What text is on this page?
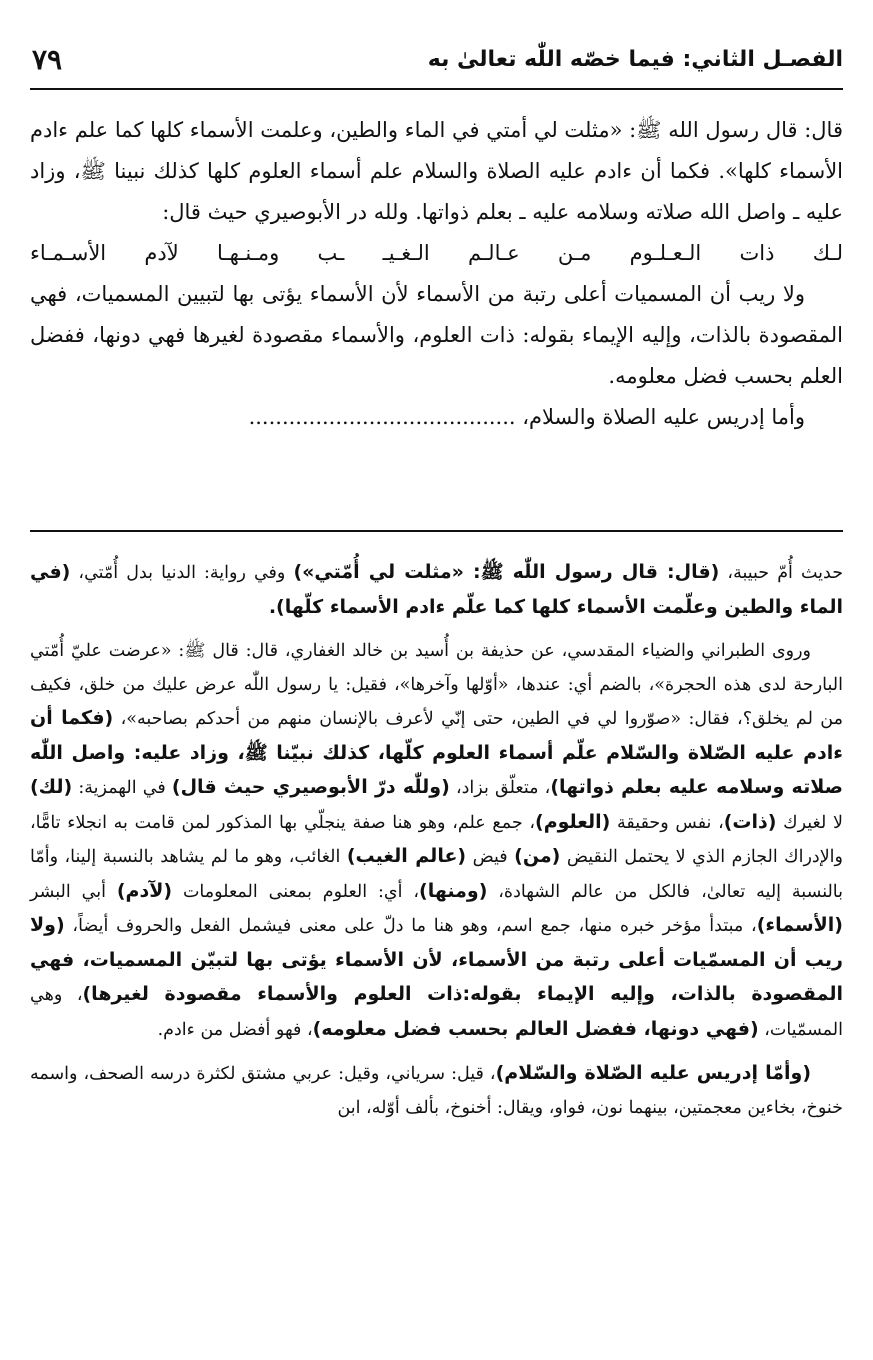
٧٩	الفصـل الثاني: فيما خصّه اللّٰه تعالىٰ به

قال: قال رسول الله ﷺ: «مثلت لي أمتي في الماء والطين، وعلمت الأسماء كلها كما علم ءادم الأسماء كلها». فكما أن ءادم عليه الصلاة والسلام علم أسماء العلوم كلها كذلك نبينا ﷺ، وزاد عليه ـ واصل الله صلاته وسلامه عليه ـ بعلم ذواتها. ولله در الأبوصيري حيث قال:

لـك ذات الـعـلـوم مـن عـالـم الـغـيـ ـب ومـنـهـا لآدم الأسـمـاء

ولا ريب أن المسميات أعلى رتبة من الأسماء لأن الأسماء يؤتى بها لتبيين المسميات، فهي المقصودة بالذات، وإليه الإيماء بقوله: ذات العلوم، والأسماء مقصودة لغيرها فهي دونها، ففضل العلم بحسب فضل معلومه.

وأما إدريس عليه الصلاة والسلام، ........................................

حديث أُمّ حبيبة، (قال: قال رسول اللّٰه ﷺ: «مثلت لي أُمّتي») وفي رواية: الدنيا بدل أُمّتي، (في الماء والطين وعلّمت الأسماء كلها كما علّم ءادم الأسماء كلّها).

وروى الطبراني والضياء المقدسي، عن حذيفة بن أُسيد بن خالد الغفاري، قال: قال ﷺ: «عرضت عليّ أُمّتي البارحة لدى هذه الحجرة»، بالضم أي: عندها، «أوّلها وآخرها»، فقيل: يا رسول اللّٰه عرض عليك من خلق، فكيف من لم يخلق؟، فقال: «صوّروا لي في الطين، حتى إنّي لأعرف بالإنسان منهم من أحدكم بصاحبه»، (فكما أن ءادم عليه الصّلاة والسّلام علّم أسماء العلوم كلّها، كذلك نبيّنا ﷺ، وزاد عليه: واصل اللّٰه صلاته وسلامه عليه بعلم ذواتها)، متعلّق بزاد، (وللّٰه درّ الأبوصيري حيث قال) في الهمزية: (لك) لا لغيرك (ذات)، نفس وحقيقة (العلوم)، جمع علم، وهو هنا صفة ينجلّي بها المذكور لمن قامت به انجلاء تامًّا، والإدراك الجازم الذي لا يحتمل النقيض (من) فيض (عالم الغيب) الغائب، وهو ما لم يشاهد بالنسبة إلينا، وأمّا بالنسبة إليه تعالىٰ، فالكل من عالم الشهادة، (ومنها)، أي: العلوم بمعنى المعلومات (لآدم) أبي البشر (الأسماء)، مبتدأ مؤخر خبره منها، جمع اسم، وهو هنا ما دلّ على معنى فيشمل الفعل والحروف أيضاً، (ولا ريب أن المسمّيات أعلى رتبة من الأسماء، لأن الأسماء يؤتى بها لتبيّن المسميات، فهي المقصودة بالذات، وإليه الإيماء بقوله:ذات العلوم والأسماء مقصودة لغيرها)، وهي المسمّيات، (فهي دونها، ففضل العالم بحسب فضل معلومه)، فهو أفضل من ءادم.

(وأمّا إدريس عليه الصّلاة والسّلام)، قيل: سرياني، وقيل: عربي مشتق لكثرة درسه الصحف، واسمه خنوخ، بخاءين معجمتين، بينهما نون، فواو، ويقال: أخنوخ، بألف أوّله، ابن
